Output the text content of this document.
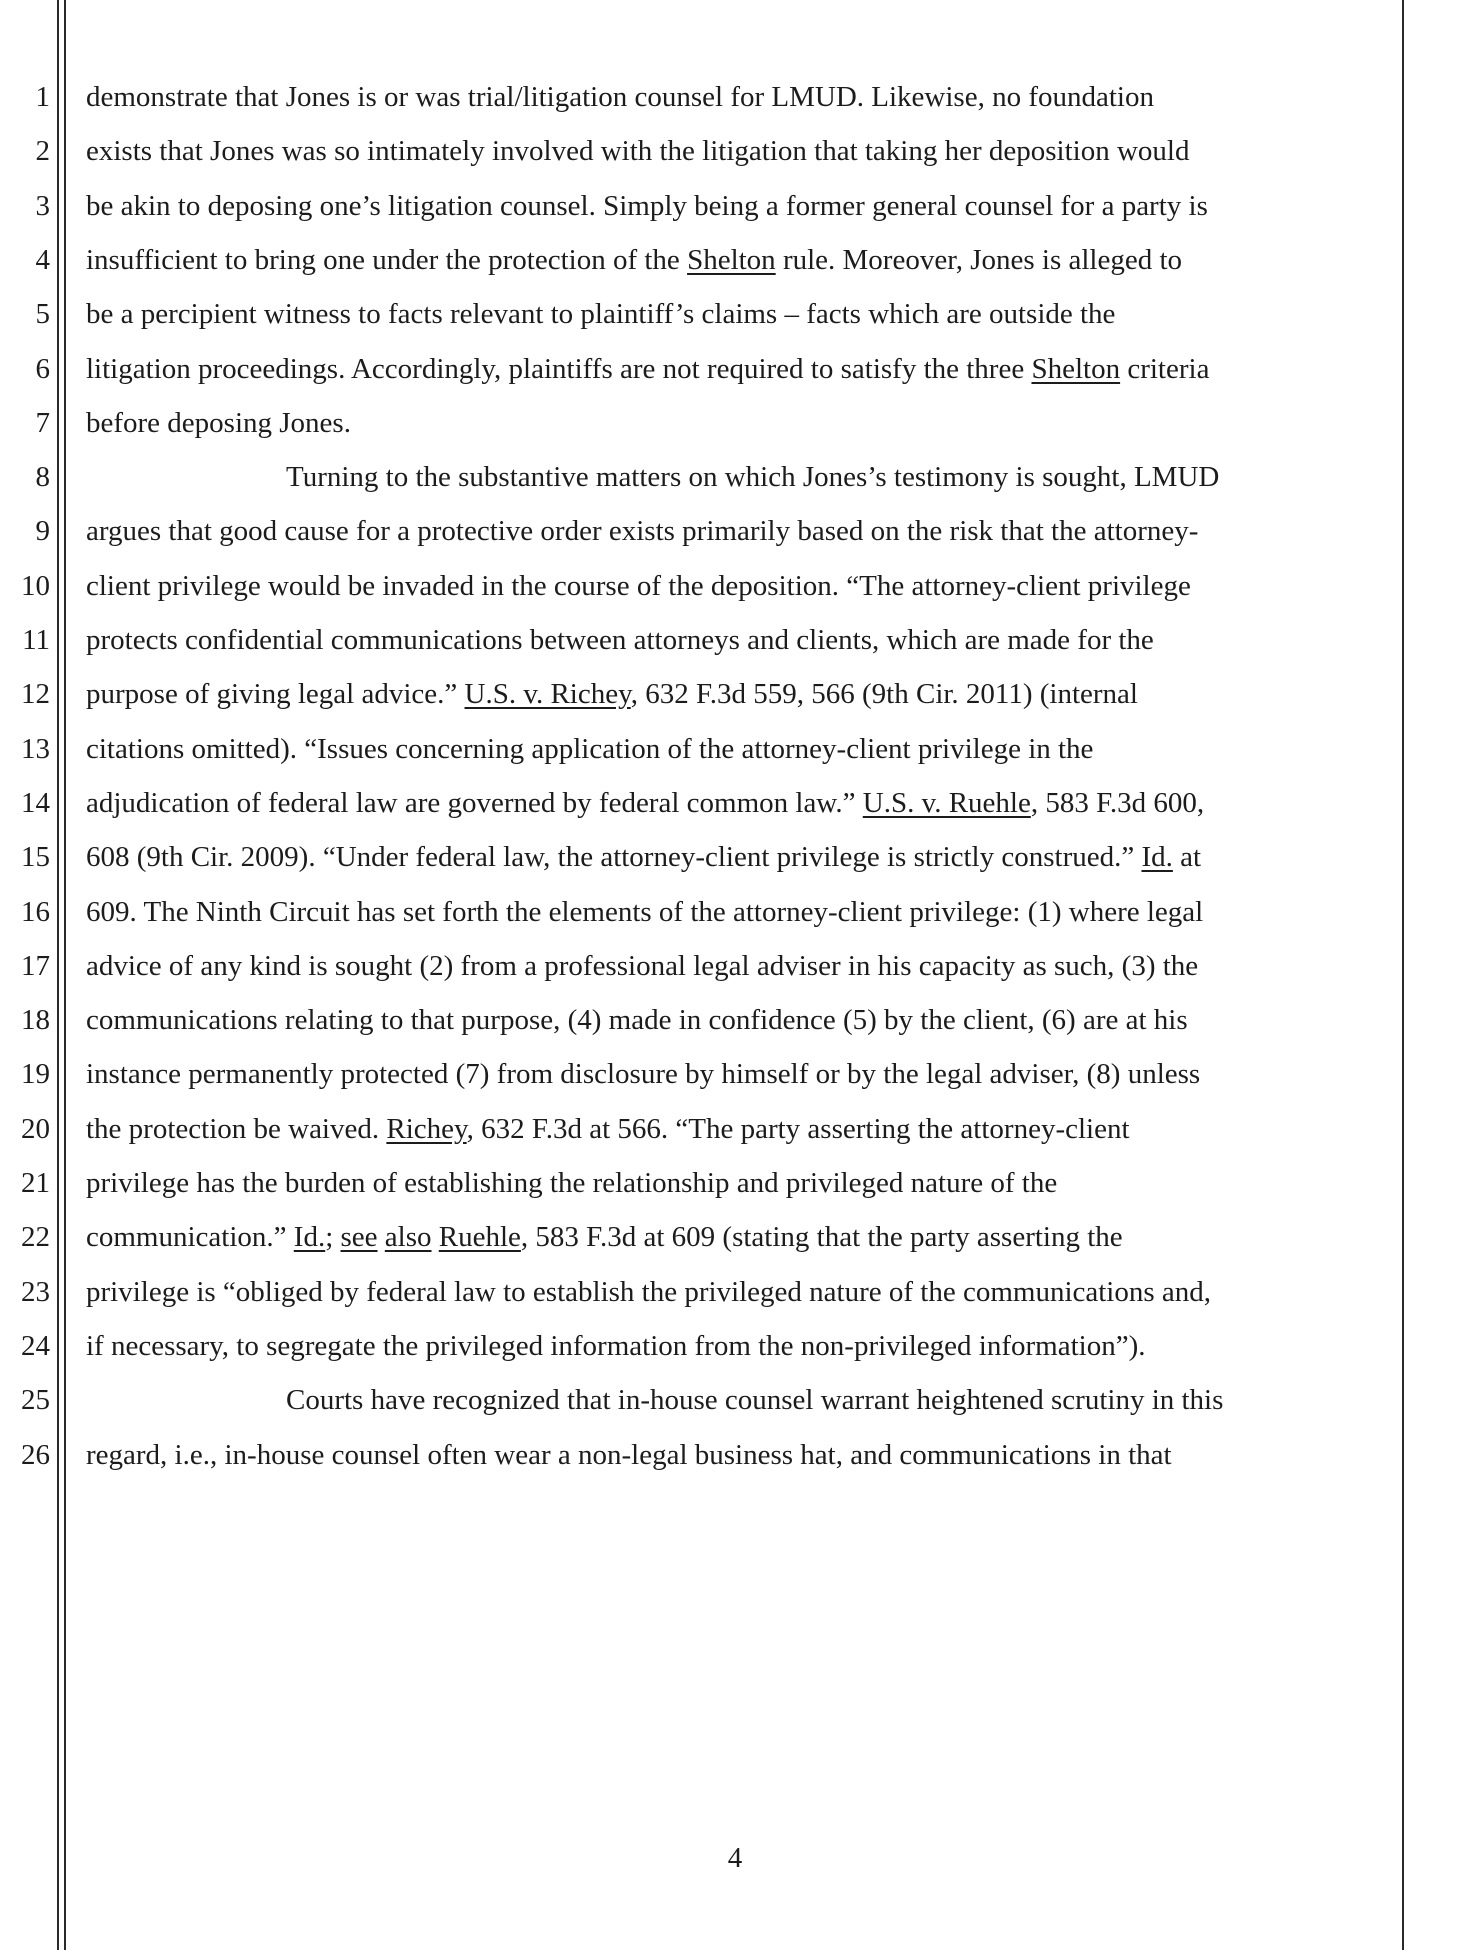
1 demonstrate that Jones is or was trial/litigation counsel for LMUD. Likewise, no foundation
2 exists that Jones was so intimately involved with the litigation that taking her deposition would
3 be akin to deposing one’s litigation counsel. Simply being a former general counsel for a party is
4 insufficient to bring one under the protection of the Shelton rule. Moreover, Jones is alleged to
5 be a percipient witness to facts relevant to plaintiff’s claims – facts which are outside the
6 litigation proceedings. Accordingly, plaintiffs are not required to satisfy the three Shelton criteria
7 before deposing Jones.
8	Turning to the substantive matters on which Jones’s testimony is sought, LMUD
9 argues that good cause for a protective order exists primarily based on the risk that the attorney-
10 client privilege would be invaded in the course of the deposition. “The attorney-client privilege
11 protects confidential communications between attorneys and clients, which are made for the
12 purpose of giving legal advice.” U.S. v. Richey, 632 F.3d 559, 566 (9th Cir. 2011) (internal
13 citations omitted). “Issues concerning application of the attorney-client privilege in the
14 adjudication of federal law are governed by federal common law.” U.S. v. Ruehle, 583 F.3d 600,
15 608 (9th Cir. 2009). “Under federal law, the attorney-client privilege is strictly construed.” Id. at
16 609. The Ninth Circuit has set forth the elements of the attorney-client privilege: (1) where legal
17 advice of any kind is sought (2) from a professional legal adviser in his capacity as such, (3) the
18 communications relating to that purpose, (4) made in confidence (5) by the client, (6) are at his
19 instance permanently protected (7) from disclosure by himself or by the legal adviser, (8) unless
20 the protection be waived. Richey, 632 F.3d at 566. “The party asserting the attorney-client
21 privilege has the burden of establishing the relationship and privileged nature of the
22 communication.” Id.; see also Ruehle, 583 F.3d at 609 (stating that the party asserting the
23 privilege is “obliged by federal law to establish the privileged nature of the communications and,
24 if necessary, to segregate the privileged information from the non-privileged information”).
25	Courts have recognized that in-house counsel warrant heightened scrutiny in this
26 regard, i.e., in-house counsel often wear a non-legal business hat, and communications in that
4
